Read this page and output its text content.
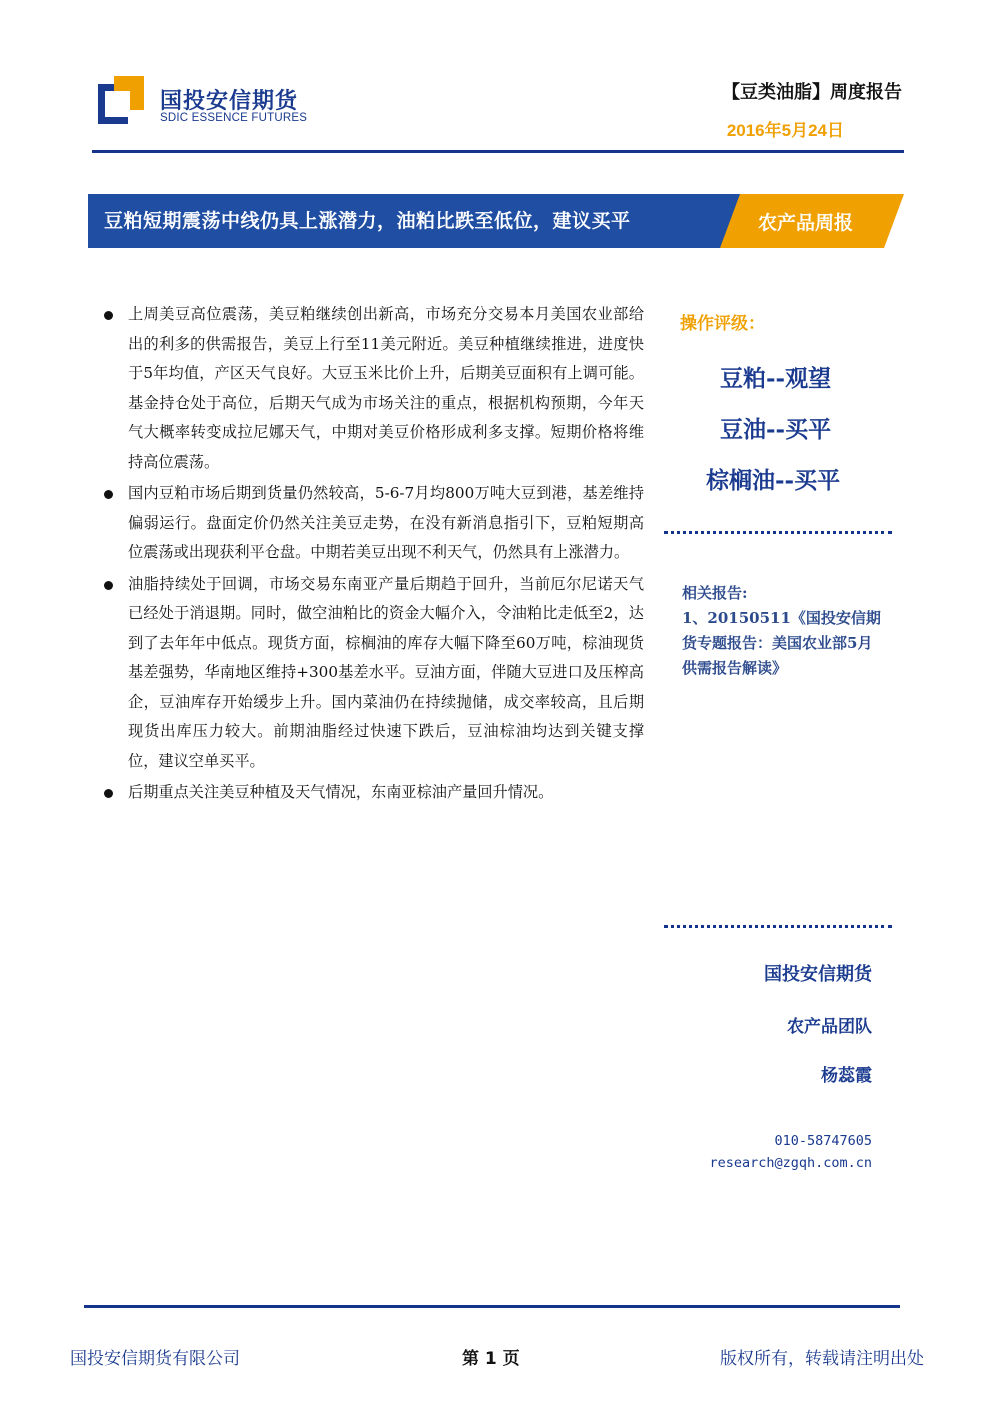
国投安信期货
SDIC ESSENCE FUTURES
【豆类油脂】周度报告
2016年5月24日
豆粕短期震荡中线仍具上涨潜力，油粕比跌至低位，建议买平	农产品周报
上周美豆高位震荡，美豆粕继续创出新高，市场充分交易本月美国农业部给出的利多的供需报告，美豆上行至11美元附近。美豆种植继续推进，进度快于5年均值，产区天气良好。大豆玉米比价上升，后期美豆面积有上调可能。基金持仓处于高位，后期天气成为市场关注的重点，根据机构预期，今年天气大概率转变成拉尼娜天气，中期对美豆价格形成利多支撑。短期价格将维持高位震荡。
国内豆粕市场后期到货量仍然较高，5-6-7月均800万吨大豆到港，基差维持偏弱运行。盘面定价仍然关注美豆走势，在没有新消息指引下，豆粕短期高位震荡或出现获利平仓盘。中期若美豆出现不利天气，仍然具有上涨潜力。
油脂持续处于回调，市场交易东南亚产量后期趋于回升，当前厄尔尼诺天气已经处于消退期。同时，做空油粕比的资金大幅介入，令油粕比走低至2，达到了去年年中低点。现货方面，棕榈油的库存大幅下降至60万吨，棕油现货基差强势，华南地区维持+300基差水平。豆油方面，伴随大豆进口及压榨高企，豆油库存开始缓步上升。国内菜油仍在持续抛储，成交率较高，且后期现货出库压力较大。前期油脂经过快速下跌后，豆油棕油均达到关键支撑位，建议空单买平。
后期重点关注美豆种植及天气情况，东南亚棕油产量回升情况。
操作评级：
豆粕--观望
豆油--买平
棕榈油--买平
相关报告:
1、20150511《国投安信期货专题报告：美国农业部5月供需报告解读》
国投安信期货
农产品团队
杨蕊霞
010-58747605
research@zgqh.com.cn
国投安信期货有限公司	第 1 页	版权所有，转载请注明出处
